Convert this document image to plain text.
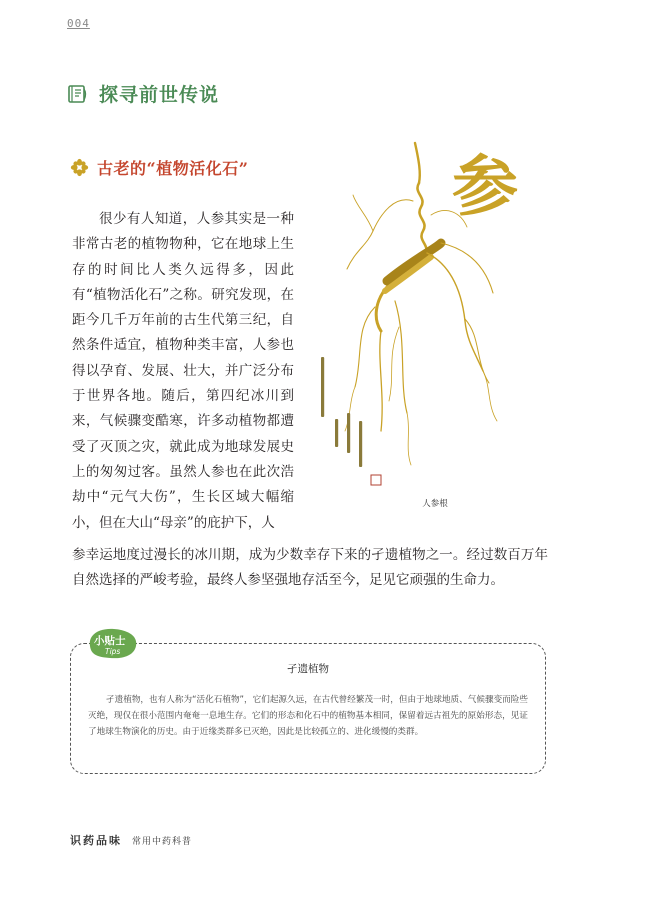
004
探寻前世传说
古老的“植物活化石”

很少有人知道，人参其实是一种非常古老的植物物种，它在地球上生存的时间比人类久远得多，因此有“植物活化石”之称。研究发现，在距今几千万年前的古生代第三纪，自然条件适宜，植物种类丰富，人参也得以孕育、发展、壮大，并广泛分布于世界各地。随后，第四纪冰川到来，气候骤变酷寒，许多动植物都遭受了灭顶之灾，就此成为地球发展史上的匆匆过客。虽然人参也在此次浩劫中“元气大伤”，生长区域大幅缩小，但在大山“母亲”的庇护下，人

参幸运地度过漫长的冰川期，成为少数幸存下来的孑遗植物之一。经过数百万年自然选择的严峻考验，最终人参坚强地存活至今，足见它顽强的生命力。

参
人参根
小贴士
Tips
孑遗植物

孑遗植物，也有人称为“活化石植物”，它们起源久远，在古代曾经繁茂一时，但由于地球地质、气候骤变而险些灭绝，现仅在很小范围内奄奄一息地生存。它们的形态和化石中的植物基本相同，保留着远古祖先的原始形态，见证了地球生物演化的历史。由于近缘类群多已灭绝，因此是比较孤立的、进化缓慢的类群。

识药品味 常用中药科普
